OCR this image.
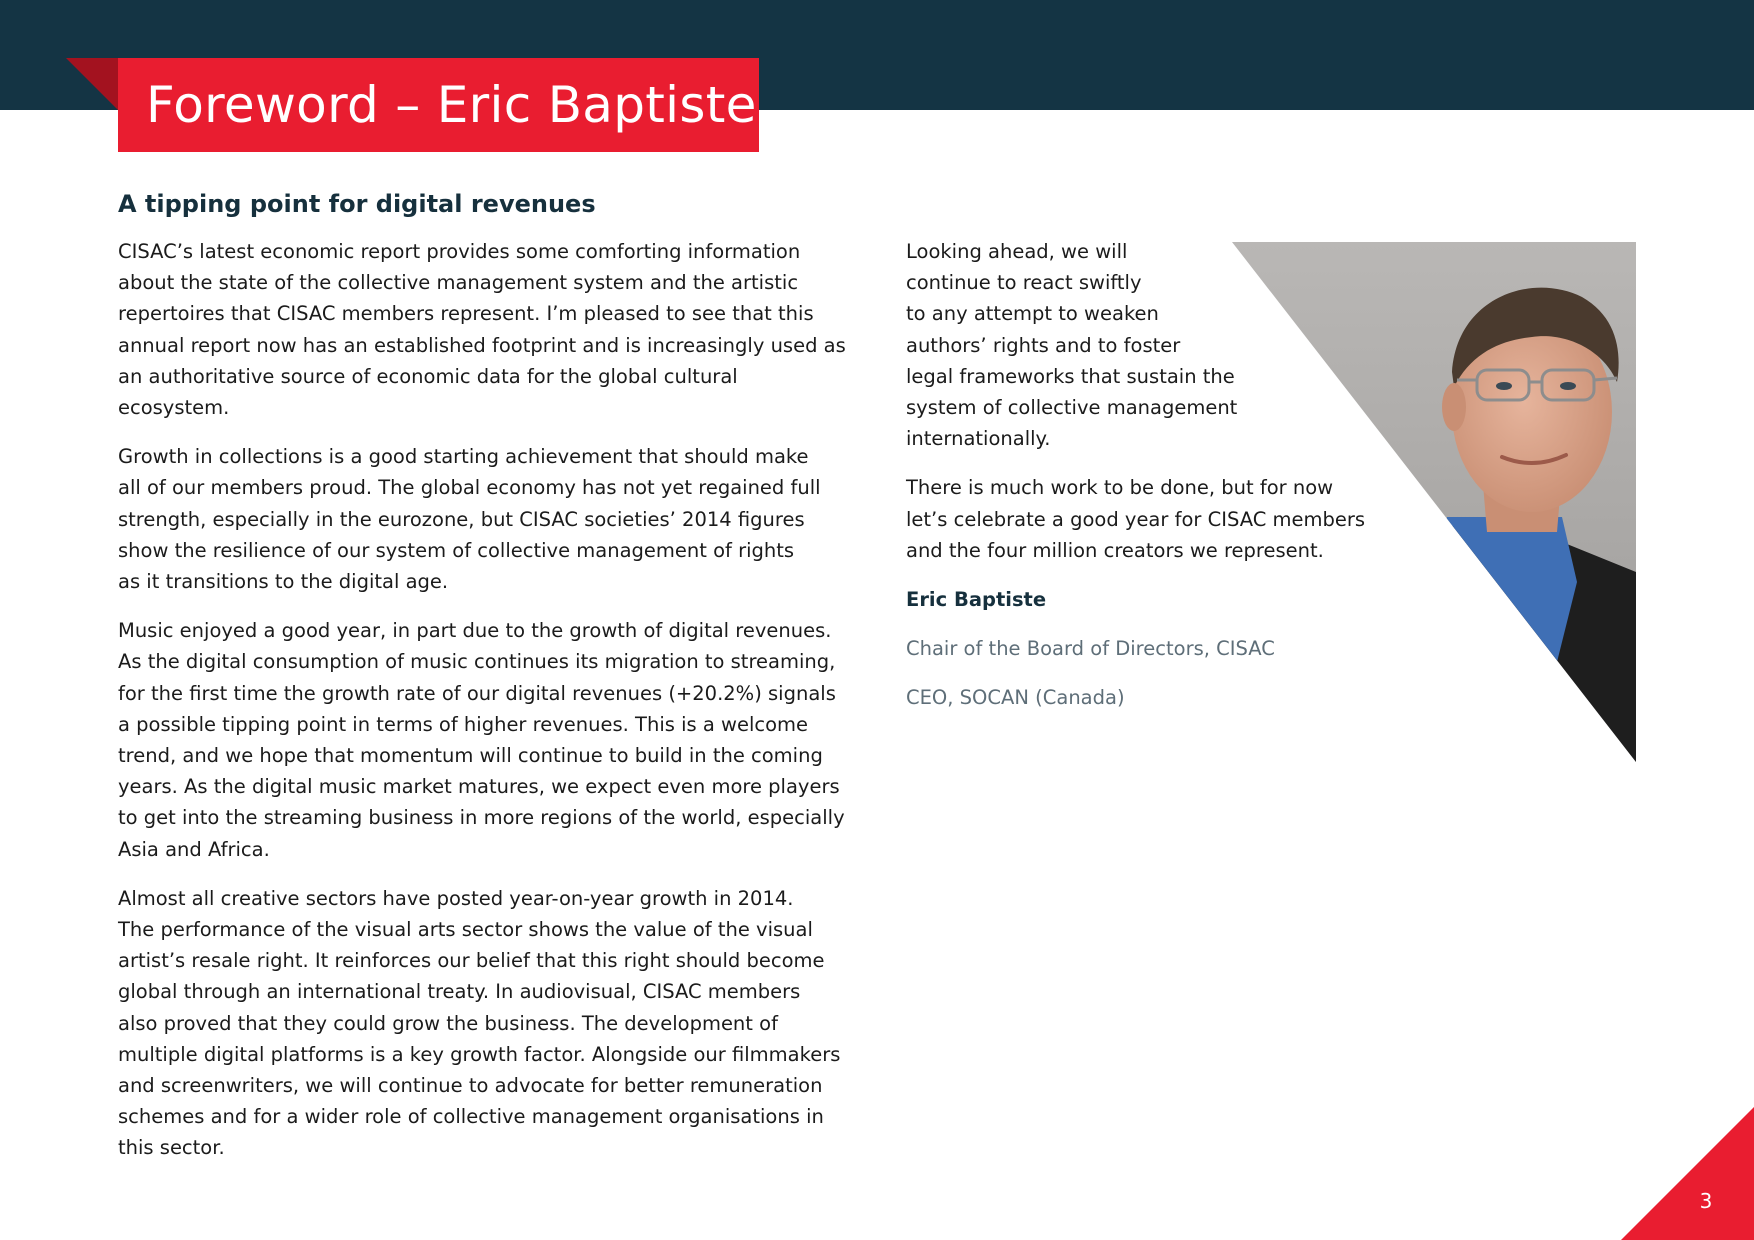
Foreword – Eric Baptiste
A tipping point for digital revenues

CISAC’s latest economic report provides some comforting information
about the state of the collective management system and the artistic
repertoires that CISAC members represent. I’m pleased to see that this
annual report now has an established footprint and is increasingly used as
an authoritative source of economic data for the global cultural ecosystem.

Growth in collections is a good starting achievement that should make
all of our members proud. The global economy has not yet regained full
strength, especially in the eurozone, but CISAC societies’ 2014 figures
show the resilience of our system of collective management of rights
as it transitions to the digital age.

Music enjoyed a good year, in part due to the growth of digital revenues.
As the digital consumption of music continues its migration to streaming,
for the first time the growth rate of our digital revenues (+20.2%) signals
a possible tipping point in terms of higher revenues. This is a welcome
trend, and we hope that momentum will continue to build in the coming
years. As the digital music market matures, we expect even more players
to get into the streaming business in more regions of the world, especially
Asia and Africa.

Almost all creative sectors have posted year-on-year growth in 2014.
The performance of the visual arts sector shows the value of the visual
artist’s resale right. It reinforces our belief that this right should become
global through an international treaty. In audiovisual, CISAC members
also proved that they could grow the business. The development of
multiple digital platforms is a key growth factor. Alongside our filmmakers
and screenwriters, we will continue to advocate for better remuneration
schemes and for a wider role of collective management organisations in
this sector.

Looking ahead, we will
continue to react swiftly
to any attempt to weaken
authors’ rights and to foster
legal frameworks that sustain the
system of collective management
internationally.

There is much work to be done, but for now
let’s celebrate a good year for CISAC members
and the four million creators we represent.

Eric Baptiste

Chair of the Board of Directors, CISAC

CEO, SOCAN (Canada)

3
